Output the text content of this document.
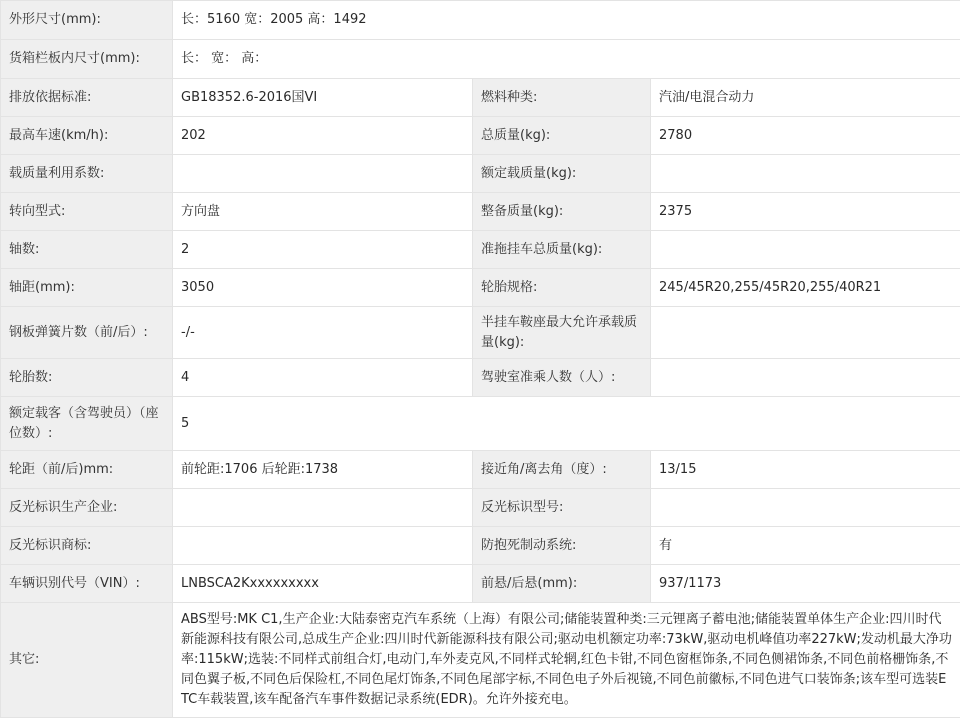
外形尺寸(mm):	长：5160 宽：2005 高：1492		
货箱栏板内尺寸(mm):	长： 宽： 高：		
排放依据标准:	GB18352.6-2016国VI	燃料种类:	汽油/电混合动力
最高车速(km/h):	202	总质量(kg):	2780
载质量利用系数:		额定载质量(kg):	
转向型式:	方向盘	整备质量(kg):	2375
轴数:	2	准拖挂车总质量(kg):	
轴距(mm):	3050	轮胎规格:	245/45R20,255/45R20,255/40R21
钢板弹簧片数（前/后）:	-/-	半挂车鞍座最大允许承载质量(kg):	
轮胎数:	4	驾驶室准乘人数（人）:	
额定载客（含驾驶员）（座位数）:	5		
轮距（前/后)mm:	前轮距:1706 后轮距:1738	接近角/离去角（度）:	13/15
反光标识生产企业:		反光标识型号:	
反光标识商标:		防抱死制动系统:	有
车辆识别代号（VIN）:	LNBSCA2Kxxxxxxxxx	前悬/后悬(mm):	937/1173
其它:	ABS型号:MK C1,生产企业:大陆泰密克汽车系统（上海）有限公司;储能装置种类:三元锂离子蓄电池;储能装置单体生产企业:四川时代新能源科技有限公司,总成生产企业:四川时代新能源科技有限公司;驱动电机额定功率:73kW,驱动电机峰值功率227kW;发动机最大净功率:115kW;选装:不同样式前组合灯,电动门,车外麦克风,不同样式轮辋,红色卡钳,不同色窗框饰条,不同色侧裙饰条,不同色前格栅饰条,不同色翼子板,不同色后保险杠,不同色尾灯饰条,不同色尾部字标,不同色电子外后视镜,不同色前徽标,不同色进气口装饰条;该车型可选装ETC车载装置,该车配备汽车事件数据记录系统(EDR)。允许外接充电。		
